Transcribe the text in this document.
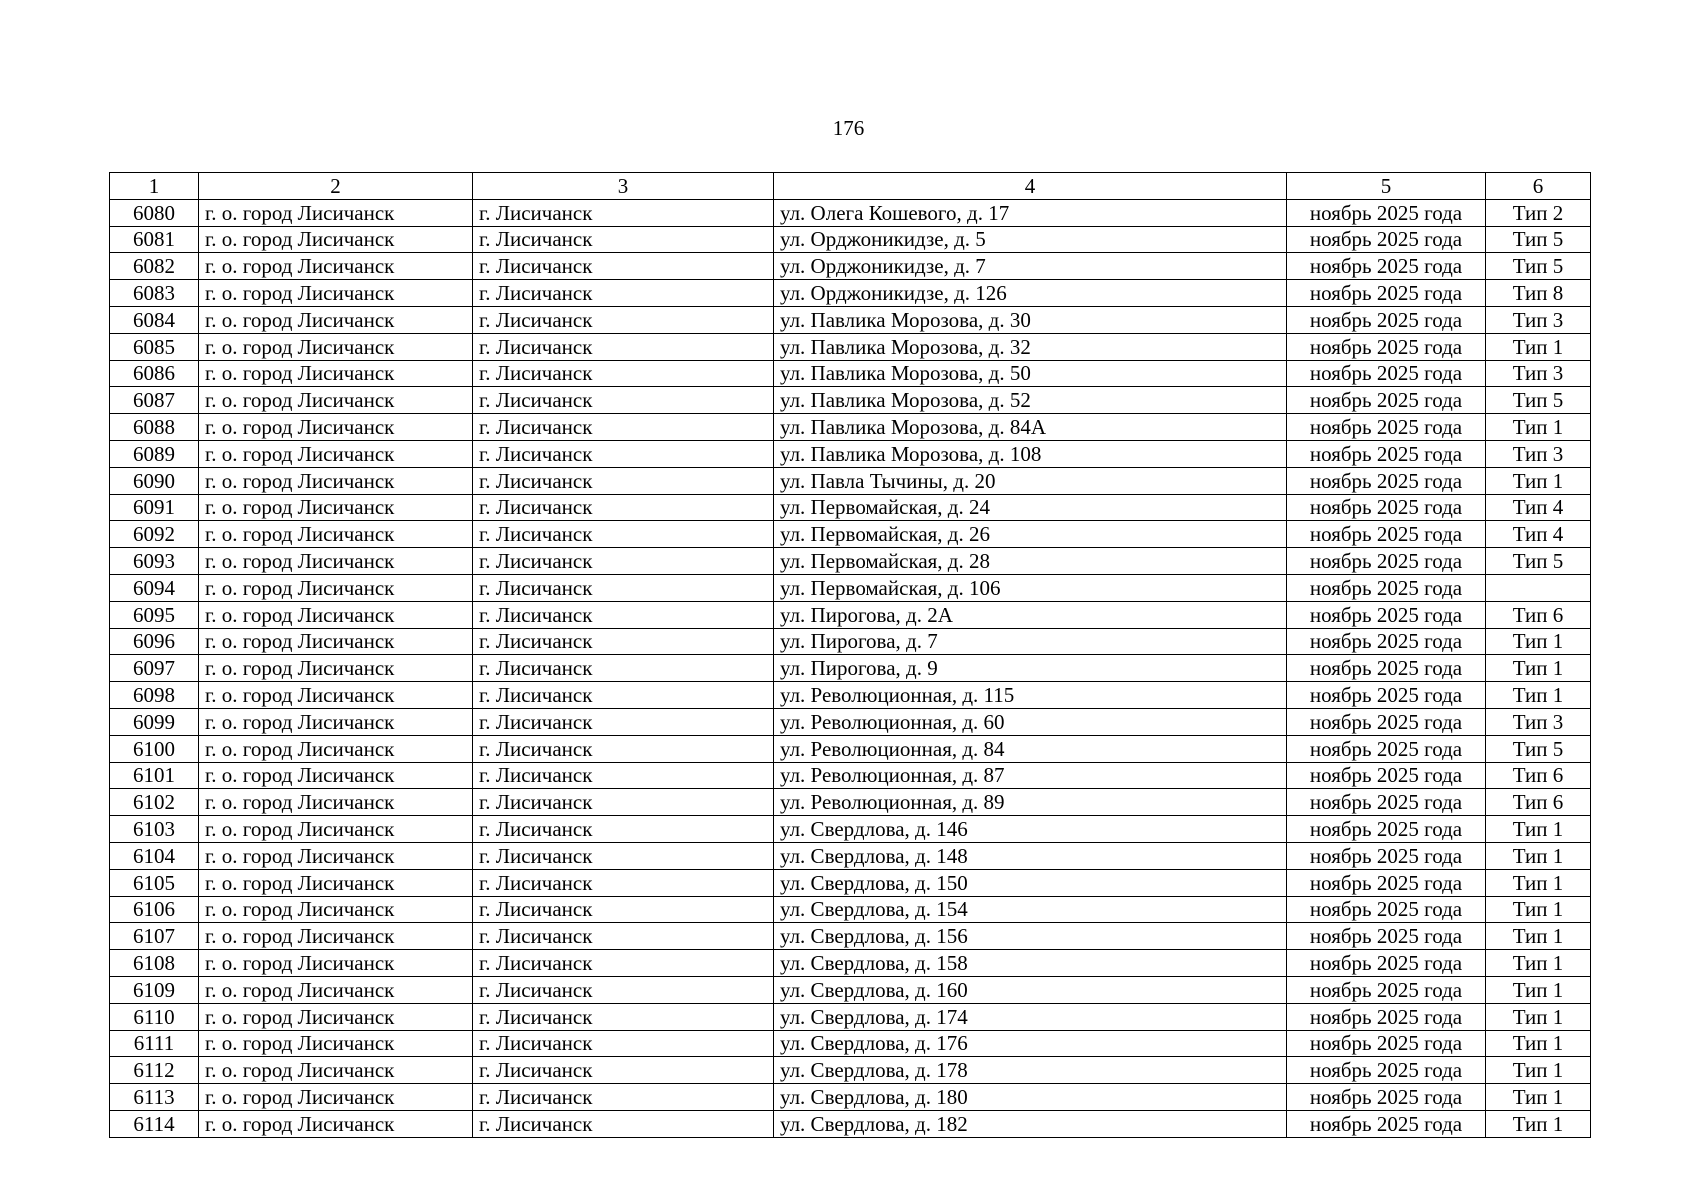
176
1	2	3	4	5	6
6080	г. о. город Лисичанск	г. Лисичанск	ул. Олега Кошевого, д. 17	ноябрь 2025 года	Тип 2
6081	г. о. город Лисичанск	г. Лисичанск	ул. Орджоникидзе, д. 5	ноябрь 2025 года	Тип 5
6082	г. о. город Лисичанск	г. Лисичанск	ул. Орджоникидзе, д. 7	ноябрь 2025 года	Тип 5
6083	г. о. город Лисичанск	г. Лисичанск	ул. Орджоникидзе, д. 126	ноябрь 2025 года	Тип 8
6084	г. о. город Лисичанск	г. Лисичанск	ул. Павлика Морозова, д. 30	ноябрь 2025 года	Тип 3
6085	г. о. город Лисичанск	г. Лисичанск	ул. Павлика Морозова, д. 32	ноябрь 2025 года	Тип 1
6086	г. о. город Лисичанск	г. Лисичанск	ул. Павлика Морозова, д. 50	ноябрь 2025 года	Тип 3
6087	г. о. город Лисичанск	г. Лисичанск	ул. Павлика Морозова, д. 52	ноябрь 2025 года	Тип 5
6088	г. о. город Лисичанск	г. Лисичанск	ул. Павлика Морозова, д. 84А	ноябрь 2025 года	Тип 1
6089	г. о. город Лисичанск	г. Лисичанск	ул. Павлика Морозова, д. 108	ноябрь 2025 года	Тип 3
6090	г. о. город Лисичанск	г. Лисичанск	ул. Павла Тычины, д. 20	ноябрь 2025 года	Тип 1
6091	г. о. город Лисичанск	г. Лисичанск	ул. Первомайская, д. 24	ноябрь 2025 года	Тип 4
6092	г. о. город Лисичанск	г. Лисичанск	ул. Первомайская, д. 26	ноябрь 2025 года	Тип 4
6093	г. о. город Лисичанск	г. Лисичанск	ул. Первомайская, д. 28	ноябрь 2025 года	Тип 5
6094	г. о. город Лисичанск	г. Лисичанск	ул. Первомайская, д. 106	ноябрь 2025 года	
6095	г. о. город Лисичанск	г. Лисичанск	ул. Пирогова, д. 2А	ноябрь 2025 года	Тип 6
6096	г. о. город Лисичанск	г. Лисичанск	ул. Пирогова, д. 7	ноябрь 2025 года	Тип 1
6097	г. о. город Лисичанск	г. Лисичанск	ул. Пирогова, д. 9	ноябрь 2025 года	Тип 1
6098	г. о. город Лисичанск	г. Лисичанск	ул. Революционная, д. 115	ноябрь 2025 года	Тип 1
6099	г. о. город Лисичанск	г. Лисичанск	ул. Революционная, д. 60	ноябрь 2025 года	Тип 3
6100	г. о. город Лисичанск	г. Лисичанск	ул. Революционная, д. 84	ноябрь 2025 года	Тип 5
6101	г. о. город Лисичанск	г. Лисичанск	ул. Революционная, д. 87	ноябрь 2025 года	Тип 6
6102	г. о. город Лисичанск	г. Лисичанск	ул. Революционная, д. 89	ноябрь 2025 года	Тип 6
6103	г. о. город Лисичанск	г. Лисичанск	ул. Свердлова, д. 146	ноябрь 2025 года	Тип 1
6104	г. о. город Лисичанск	г. Лисичанск	ул. Свердлова, д. 148	ноябрь 2025 года	Тип 1
6105	г. о. город Лисичанск	г. Лисичанск	ул. Свердлова, д. 150	ноябрь 2025 года	Тип 1
6106	г. о. город Лисичанск	г. Лисичанск	ул. Свердлова, д. 154	ноябрь 2025 года	Тип 1
6107	г. о. город Лисичанск	г. Лисичанск	ул. Свердлова, д. 156	ноябрь 2025 года	Тип 1
6108	г. о. город Лисичанск	г. Лисичанск	ул. Свердлова, д. 158	ноябрь 2025 года	Тип 1
6109	г. о. город Лисичанск	г. Лисичанск	ул. Свердлова, д. 160	ноябрь 2025 года	Тип 1
6110	г. о. город Лисичанск	г. Лисичанск	ул. Свердлова, д. 174	ноябрь 2025 года	Тип 1
6111	г. о. город Лисичанск	г. Лисичанск	ул. Свердлова, д. 176	ноябрь 2025 года	Тип 1
6112	г. о. город Лисичанск	г. Лисичанск	ул. Свердлова, д. 178	ноябрь 2025 года	Тип 1
6113	г. о. город Лисичанск	г. Лисичанск	ул. Свердлова, д. 180	ноябрь 2025 года	Тип 1
6114	г. о. город Лисичанск	г. Лисичанск	ул. Свердлова, д. 182	ноябрь 2025 года	Тип 1
